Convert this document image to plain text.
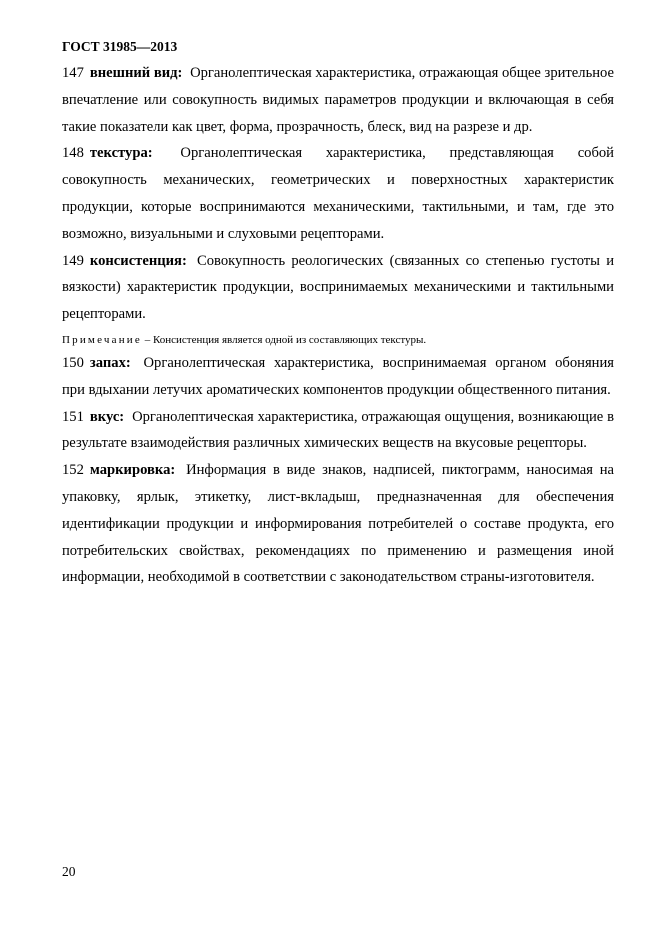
ГОСТ 31985—2013

147 внешний вид: Органолептическая характеристика, отражающая общее зрительное впечатление или совокупность видимых параметров продукции и включающая в себя такие показатели как цвет, форма, прозрачность, блеск, вид на разрезе и др.

148 текстура: Органолептическая характеристика, представляющая собой совокупность механических, геометрических и поверхностных характеристик продукции, которые воспринимаются механическими, тактильными, и там, где это возможно, визуальными и слуховыми рецепторами.

149 консистенция: Совокупность реологических (связанных со степенью густоты и вязкости) характеристик продукции, воспринимаемых механическими и тактильными рецепторами.

Примечание – Консистенция является одной из составляющих текстуры.

150 запах: Органолептическая характеристика, воспринимаемая органом обоняния при вдыхании летучих ароматических компонентов продукции общественного питания.

151 вкус: Органолептическая характеристика, отражающая ощущения, возникающие в результате взаимодействия различных химических веществ на вкусовые рецепторы.

152 маркировка: Информация в виде знаков, надписей, пиктограмм, наносимая на упаковку, ярлык, этикетку, лист-вкладыш, предназначенная для обеспечения идентификации продукции и информирования потребителей о составе продукта, его потребительских свойствах, рекомендациях по применению и размещения иной информации, необходимой в соответствии с законодательством страны-изготовителя.

20
